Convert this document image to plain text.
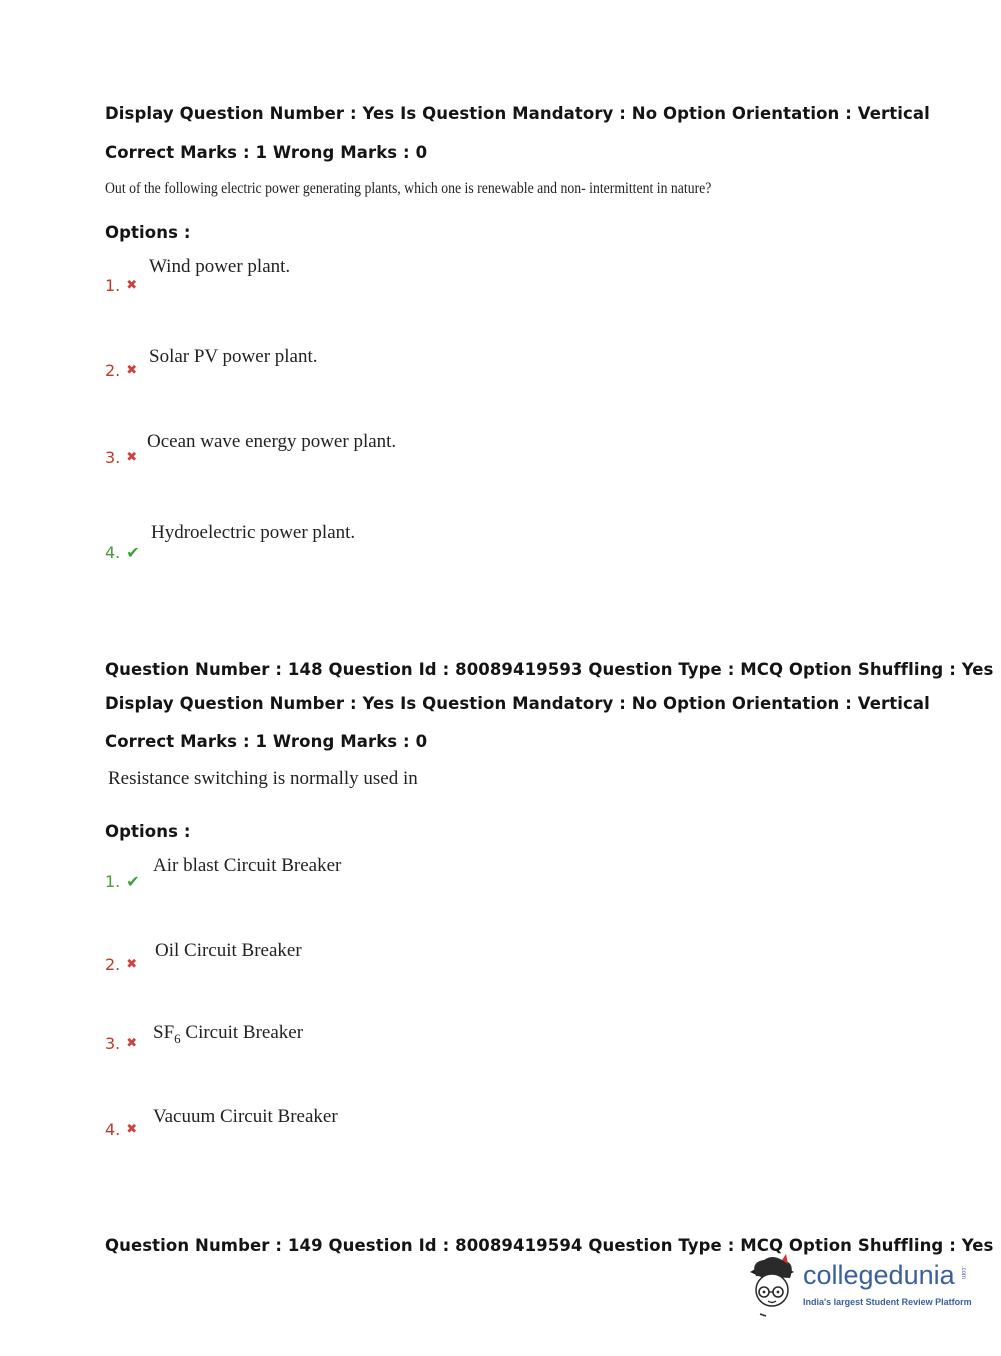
Display Question Number : Yes Is Question Mandatory : No Option Orientation : Vertical
Correct Marks : 1 Wrong Marks : 0
Out of the following electric power generating plants, which one is renewable and non- intermittent in nature?
Options :
1. ✖
Wind power plant.
2. ✖
Solar PV power plant.
3. ✖
Ocean wave energy power plant.
4. ✔
Hydroelectric power plant.
Question Number : 148 Question Id : 80089419593 Question Type : MCQ Option Shuffling : Yes
Display Question Number : Yes Is Question Mandatory : No Option Orientation : Vertical
Correct Marks : 1 Wrong Marks : 0
Resistance switching is normally used in
Options :
1. ✔
Air blast Circuit Breaker
2. ✖
Oil Circuit Breaker
3. ✖
$SF_6$ Circuit Breaker
4. ✖
Vacuum Circuit Breaker
Question Number : 149 Question Id : 80089419594 Question Type : MCQ Option Shuffling : Yes
collegedunia .com
India's largest Student Review Platform
